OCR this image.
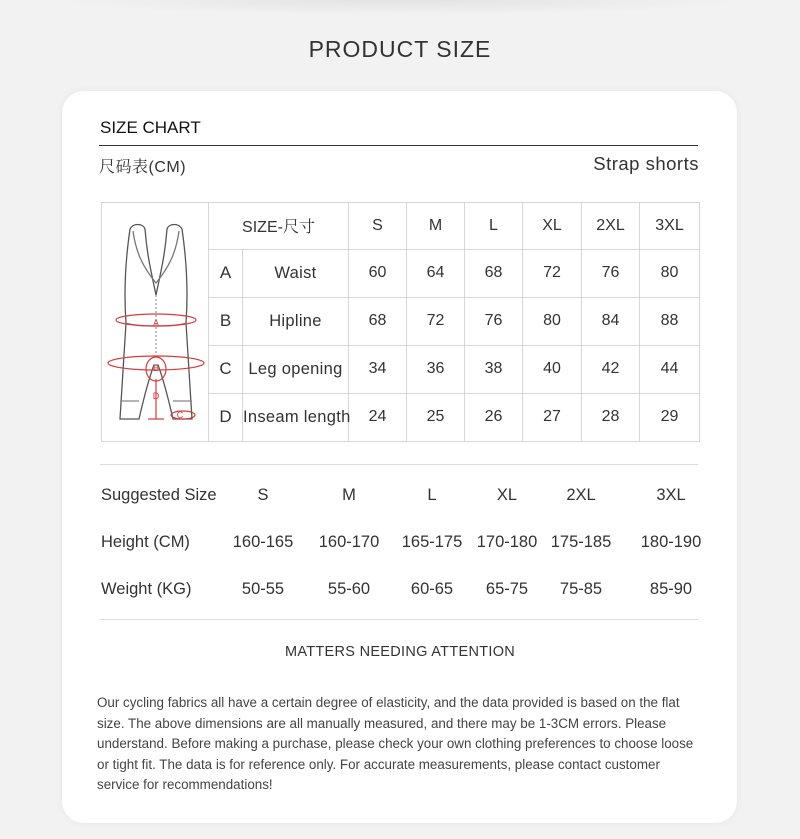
PRODUCT SIZE
SIZE CHART
尺码表(CM)	Strap shorts
A
B
C
D	SIZE-尺寸		S	M	L	XL	2XL	3XL
	A	Waist	60	64	68	72	76	80
	B	Hipline	68	72	76	80	84	88
	C	Leg opening	34	36	38	40	42	44
	D	Inseam length	24	25	26	27	28	29
Suggested Size S	M	L	XL	2XL	3XL
Height (CM)	160-165 160-170 165-175 170-180 175-185 180-190
Weight (KG)	50-55	55-60 60-65 65-75 75-85	85-90
MATTERS NEEDING ATTENTION
Our cycling fabrics all have a certain degree of elasticity, and the data provided is based on the flat size. The above dimensions are all manually measured, and there may be 1-3CM errors. Please understand. Before making a purchase, please check your own clothing preferences to choose loose or tight fit. The data is for reference only. For accurate measurements, please contact customer service for recommendations!
